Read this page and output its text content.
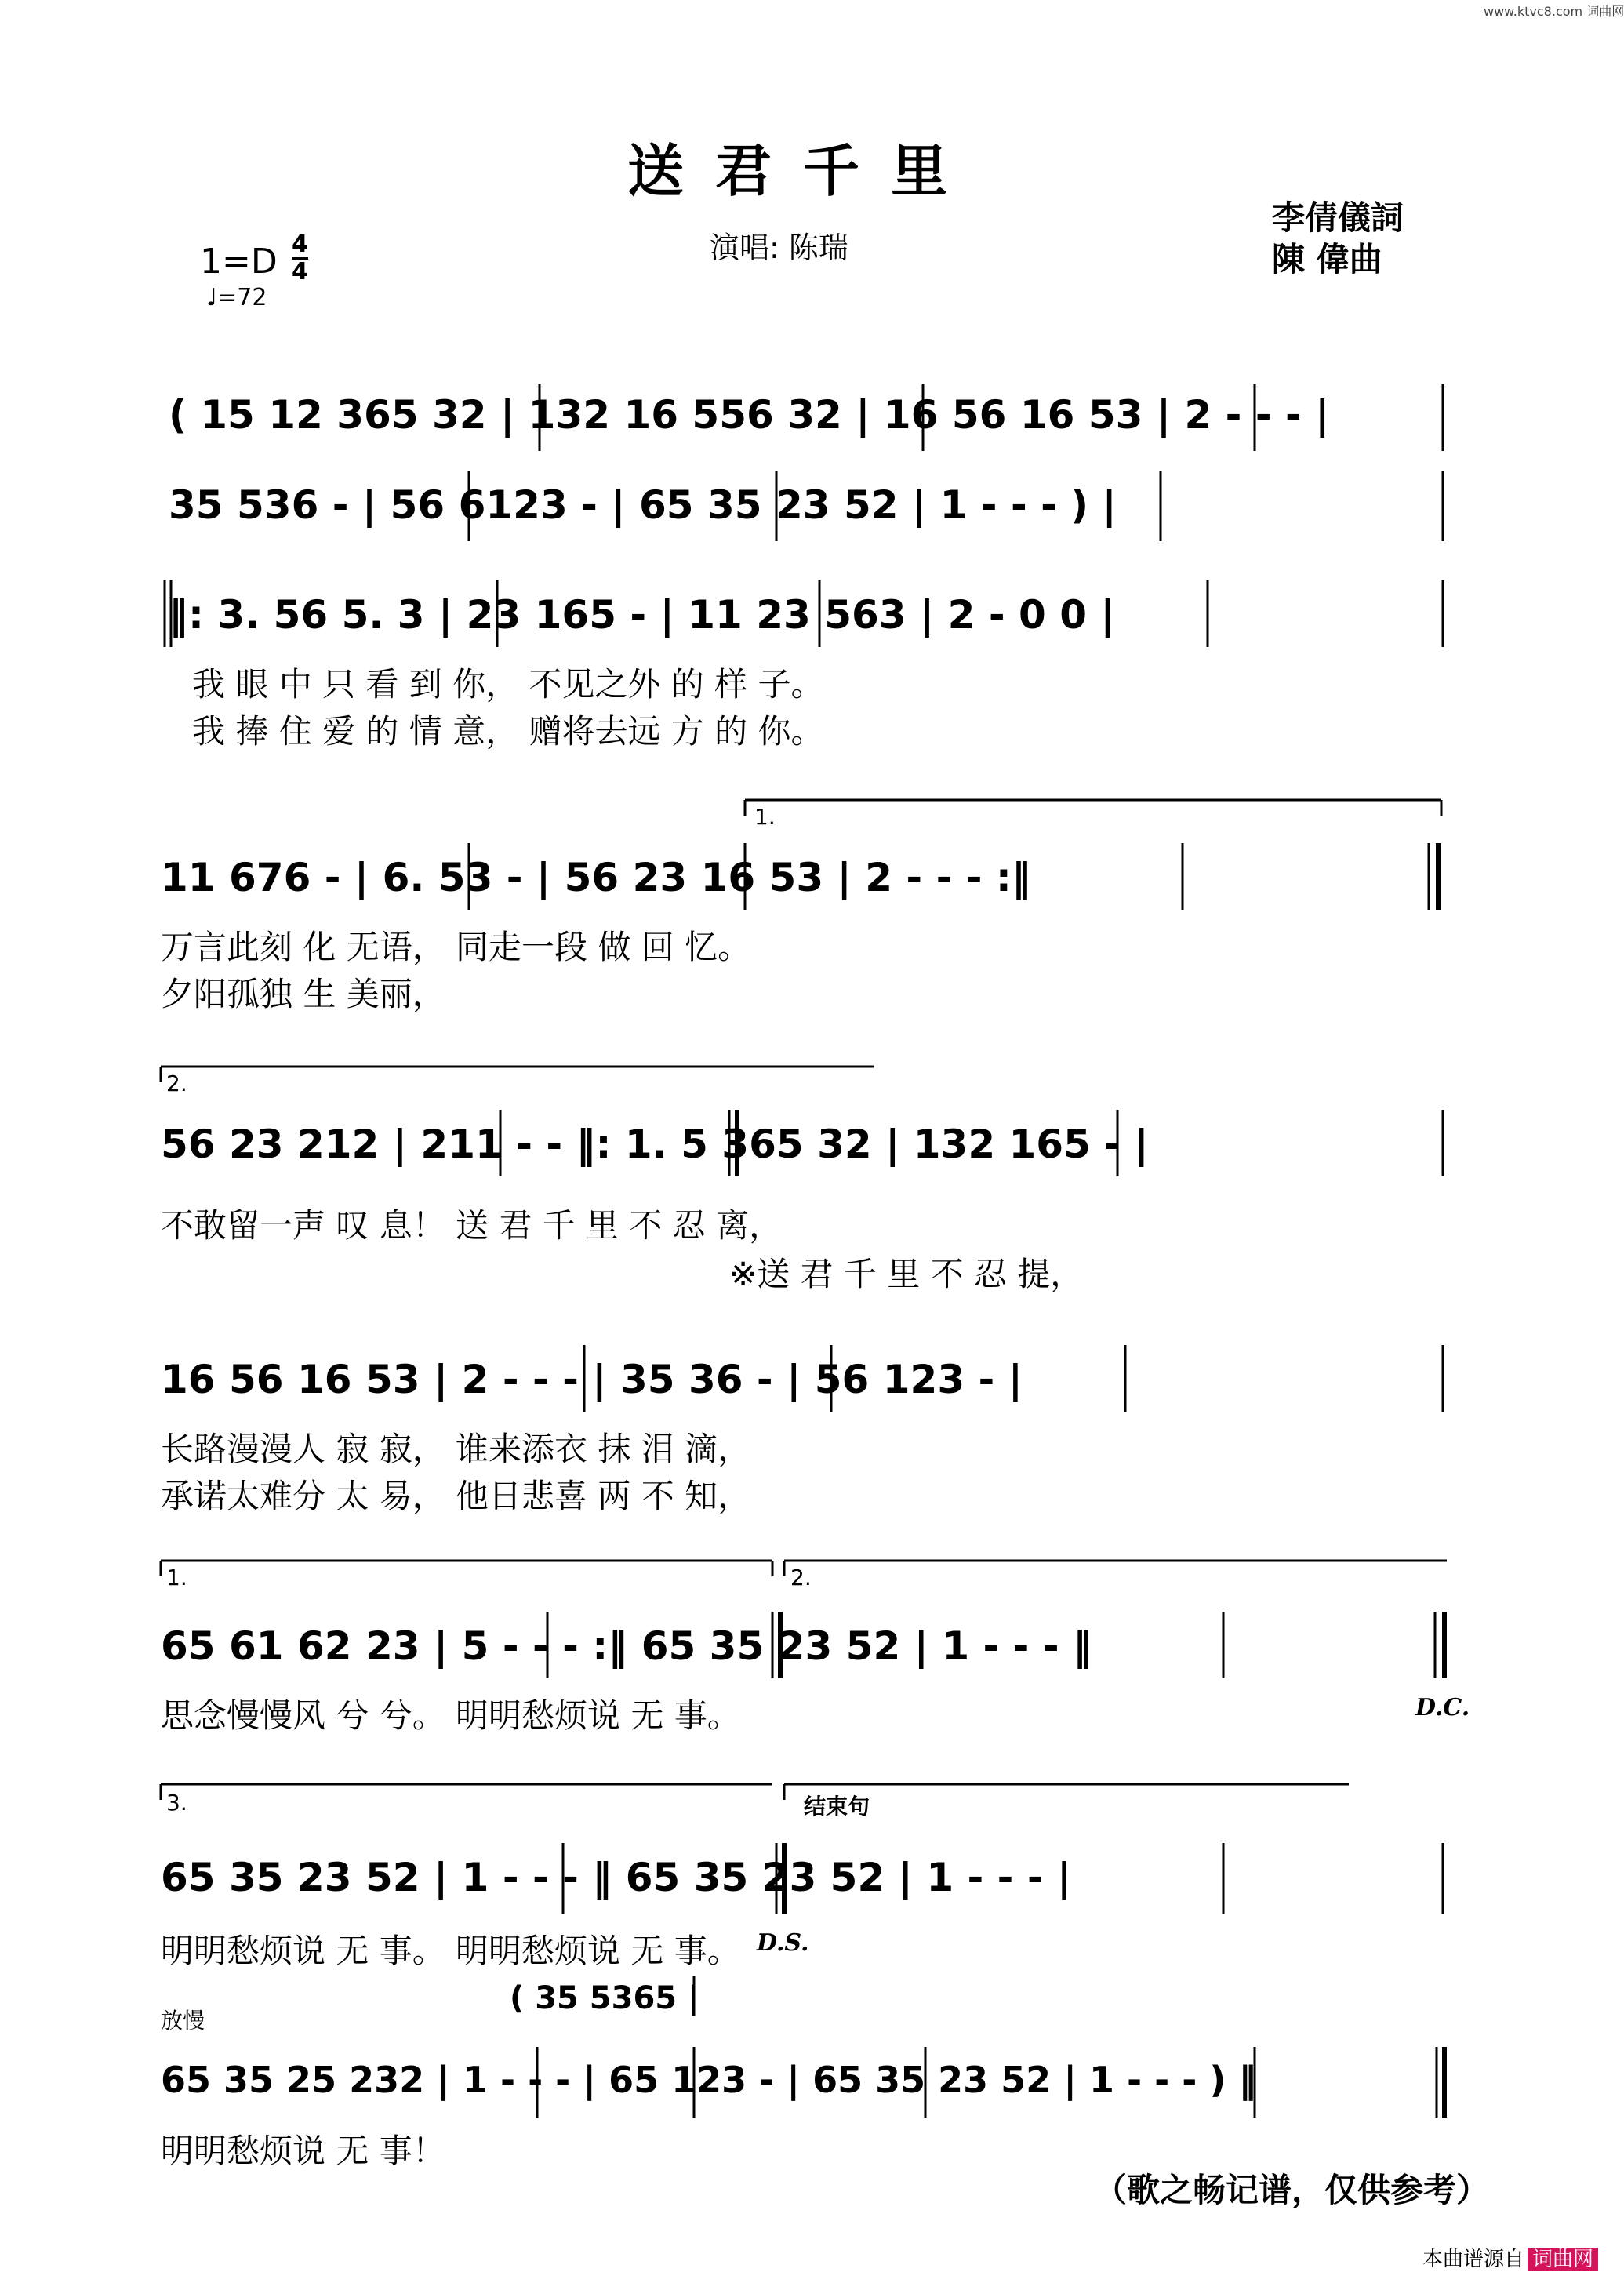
www.ktvc8.com 词曲网
送君千里
演唱: 陈瑞
李倩儀詞
陳 偉曲
1=D 4
4
♩=72
( 15 12 365 32 | 132 16 556 32 | 16 56 16 53 | 2 - - - |
35 536 - | 56 6123 - | 65 35 23 52 | 1 - - - ) |
‖: 3. 56 5. 3 | 23 165 - | 11 23 563 | 2 - 0 0 |
我 眼 中 只 看 到 你， 不见之外 的 样 子。
我 捧 住 爱 的 情 意， 赠将去远 方 的 你。
1.
11 676 - | 6. 53 - | 56 23 16 53 | 2 - - - :‖
万言此刻 化 无语， 同走一段 做 回 忆。
夕阳孤独 生 美丽，
2.
56 23 212 | 211 - - ‖: 1. 5 365 32 | 132 165 - |
不敢留一声 叹 息！ 送 君 千 里 不 忍 离，
※送 君 千 里 不 忍 提，
16 56 16 53 | 2 - - - | 35 36 - | 56 123 - |
长路漫漫人 寂 寂， 谁来添衣 抹 泪 滴，
承诺太难分 太 易， 他日悲喜 两 不 知，
1.	2.
65 61 62 23 | 5 - - - :‖ 65 35 23 52 | 1 - - - ‖
思念慢慢风 兮 兮。 明明愁烦说 无 事。	D.C.
3.	结束句
65 35 23 52 | 1 - - - ‖ 65 35 23 52 | 1 - - - |
明明愁烦说 无 事。 明明愁烦说 无 事。 D.S.
放慢
( 35 5365 |
65 35 25 232 | 1 - - - | 65 123 - | 65 35 23 52 | 1 - - - ) ‖
明明愁烦说 无 事！
（歌之畅记谱，仅供参考）
本曲谱源自 词曲网
